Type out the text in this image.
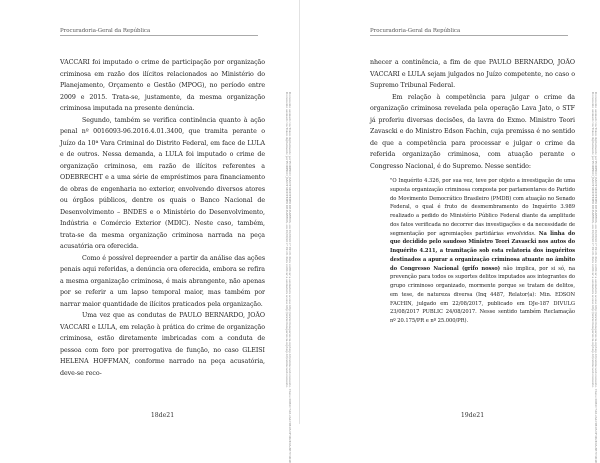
Procuradoria-Geral da República

VACCARI foi imputado o crime de participação por organização criminosa em razão dos ilícitos relacionados ao Ministério do Planejamento, Orçamento e Gestão (MPOG), no período entre 2009 e 2015. Trata-se, justamente, da mesma organização criminosa imputada na presente denúncia.

Segundo, também se verifica continência quanto à ação penal nº 0016093-96.2016.4.01.3400, que tramita perante o Juízo da 10ª Vara Criminal do Distrito Federal, em face de LULA e de outros. Nessa demanda, a LULA foi imputado o crime de organização criminosa, em razão de ilícitos referentes a ODEBRECHT e a uma série de empréstimos para financiamento de obras de engenharia no exterior, envolvendo diversos atores ou órgãos públicos, dentre os quais o Banco Nacional de Desenvolvimento – BNDES e o Ministério do Desenvolvimento, Indústria e Comércio Exterior (MDIC). Neste caso, também, trata-se da mesma organização criminosa narrada na peça acusatória ora oferecida.

Como é possível depreender a partir da análise das ações penais aqui referidas, a denúncia ora oferecida, embora se refira a mesma organização criminosa, é mais abrangente, não apenas por se referir a um lapso temporal maior, mas também por narrar maior quantidade de ilícitos praticados pela organização.

Uma vez que as condutas de PAULO BERNARDO, JOÃO VACCARI e LULA, em relação à prática do crime de organização criminosa, estão diretamente imbricadas com a conduta de pessoa com foro por prerrogativa de função, no caso GLEISI HELENA HOFFMAN, conforme narrado na peça acusatória, deve-se reco-	Documento assinado via Token digitalmente por RODRIGO JANOT MONTEIRO DE BARROS, em 05/09/2017 09:28. Para verificar a assinatura acesse http://www.transparencia.mpf.mp.br/validacaodocumento. Chave D0B1C7A8.2A4C9E1B.6F3D2E0A.8B7C5D4E
Documento assinado via Token digitalmente por RODRIGO JANOT MONTEIRO DE BARROS, em 05/09/2017 09:28. Para verificar a assinatura acesse http://www.transparencia.mpf.mp.br/validacaodocumento.
18de21
Procuradoria-Geral da República

nhecer a continência, a fim de que PAULO BERNARDO, JOÃO VACCARI e LULA sejam julgados no Juízo competente, no caso o Supremo Tribunal Federal.

Em relação à competência para julgar o crime da organização criminosa revelada pela operação Lava Jato, o STF já proferiu diversas decisões, da lavra do Exmo. Ministro Teori Zavascki e do Ministro Edson Fachin, cuja premissa é no sentido de que a competência para processar e julgar o crime da referida organização criminosa, com atuação perante o Congresso Nacional, é do Supremo. Nesse sentido:

"O Inquérito 4.326, por sua vez, teve por objeto a investigação de uma suposta organização criminosa composta por parlamentares do Partido do Movimento Democrático Brasileiro (PMDB) com atuação no Senado Federal, o qual é fruto de desmembramento do Inquérito 3.989 realizado a pedido do Ministério Público Federal diante da amplitude dos fatos verificada no decorrer das investigações e da necessidade de segmentação por agremiações partidárias envolvidas. Na linha do que decidido pelo saudoso Ministro Teori Zavascki nos autos do Inquérito 4.211, a tramitação sob esta relatoria dos inquéritos destinados a apurar a organização criminosa atuante no âmbito do Congresso Nacional (grifo nosso) não implica, por si só, na prevenção para todos os suportes delitos imputados aos integrantes do grupo criminoso organizado, mormente porque se tratam de delitos, em tese, de natureza diversa (Inq 4487, Relator(a): Min. EDSON FACHIN, julgado em 22/08/2017, publicado em DJe-187 DIVULG 23/08/2017 PUBLIC 24/08/2017. Nesse sentido também Reclamação nº 20.175/PR e nº 25.000/PR).	Documento assinado via Token digitalmente por RODRIGO JANOT MONTEIRO DE BARROS, em 05/09/2017 09:28. Para verificar a assinatura acesse http://www.transparencia.mpf.mp.br/validacaodocumento. Chave D0B1C7A8.2A4C9E1B.6F3D2E0A.8B7C5D4E
Documento assinado via Token digitalmente por RODRIGO JANOT MONTEIRO DE BARROS, em 05/09/2017 09:28. Para verificar a assinatura acesse http://www.transparencia.mpf.mp.br/validacaodocumento.
19de21
